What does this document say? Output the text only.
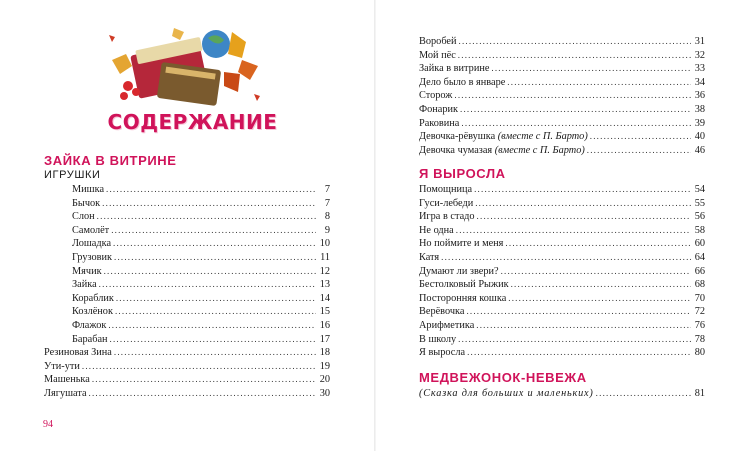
СОДЕРЖАНИЕ
ЗАЙКА В ВИТРИНЕ
ИГРУШКИ
Мишка .....	7
Бычок .....	7
Слон .....	8
Самолёт .....	9
Лошадка .....	10
Грузовик .....	11
Мячик .....	12
Зайка .....	13
Кораблик .....	14
Козлёнок .....	15
Флажок .....	16
Барабан .....	17
Резиновая Зина .....	18
Ути-ути .....	19
Машенька .....	20
Лягушата .....	30
94
Воробей .....	31
Мой пёс .....	32
Зайка в витрине .....	33
Дело было в январе .....	34
Сторож .....	36
Фонарик .....	38
Раковина .....	39
Девочка-рёвушка (вместе с П. Барто) .....	40
Девочка чумазая (вместе с П. Барто) .....	46
Я ВЫРОСЛА
Помощница .....	54
Гуси-лебеди .....	55
Игра в стадо .....	56
Не одна .....	58
Но поймите и меня .....	60
Катя .....	64
Думают ли звери? .....	66
Бестолковый Рыжик .....	68
Посторонняя кошка .....	70
Верёвочка .....	72
Арифметика .....	76
В школу .....	78
Я выросла .....	80
МЕДВЕЖОНОК-НЕВЕЖА
(Сказка для больших и маленьких) .....	81
